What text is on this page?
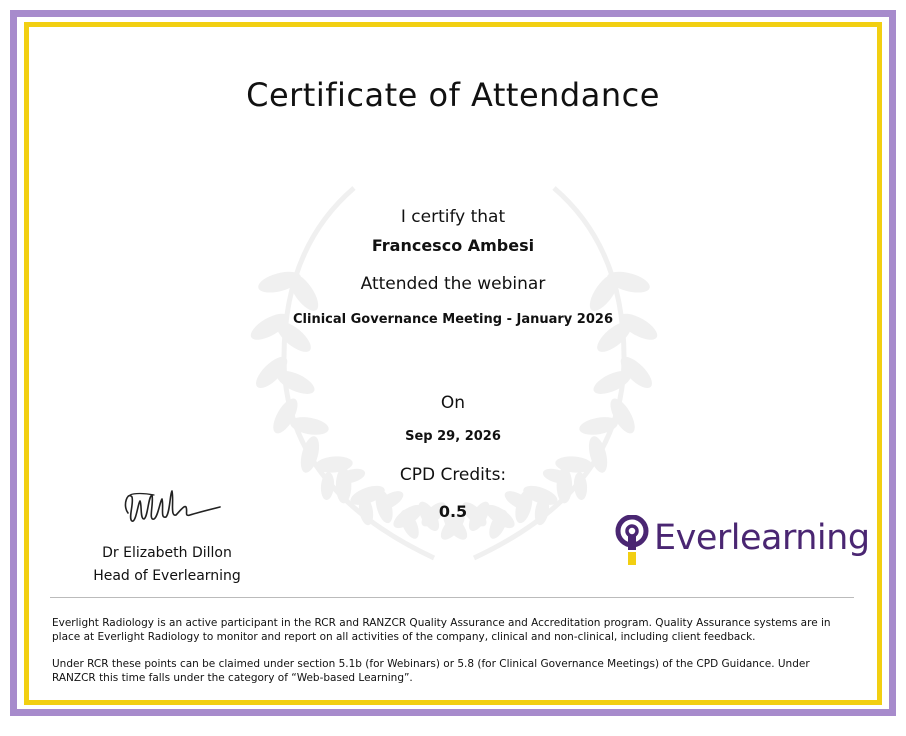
Certificate of Attendance
I certify that
Francesco Ambesi
Attended the webinar
Clinical Governance Meeting - January 2026
On
Sep 29, 2026
CPD Credits:
0.5
Dr Elizabeth Dillon
Head of Everlearning
Everlearning
Everlight Radiology is an active participant in the RCR and RANZCR Quality Assurance and Accreditation program. Quality Assurance systems are in place at Everlight Radiology to monitor and report on all activities of the company, clinical and non-clinical, including client feedback.
Under RCR these points can be claimed under section 5.1b (for Webinars) or 5.8 (for Clinical Governance Meetings) of the CPD Guidance. Under RANZCR this time falls under the category of “Web-based Learning”.
